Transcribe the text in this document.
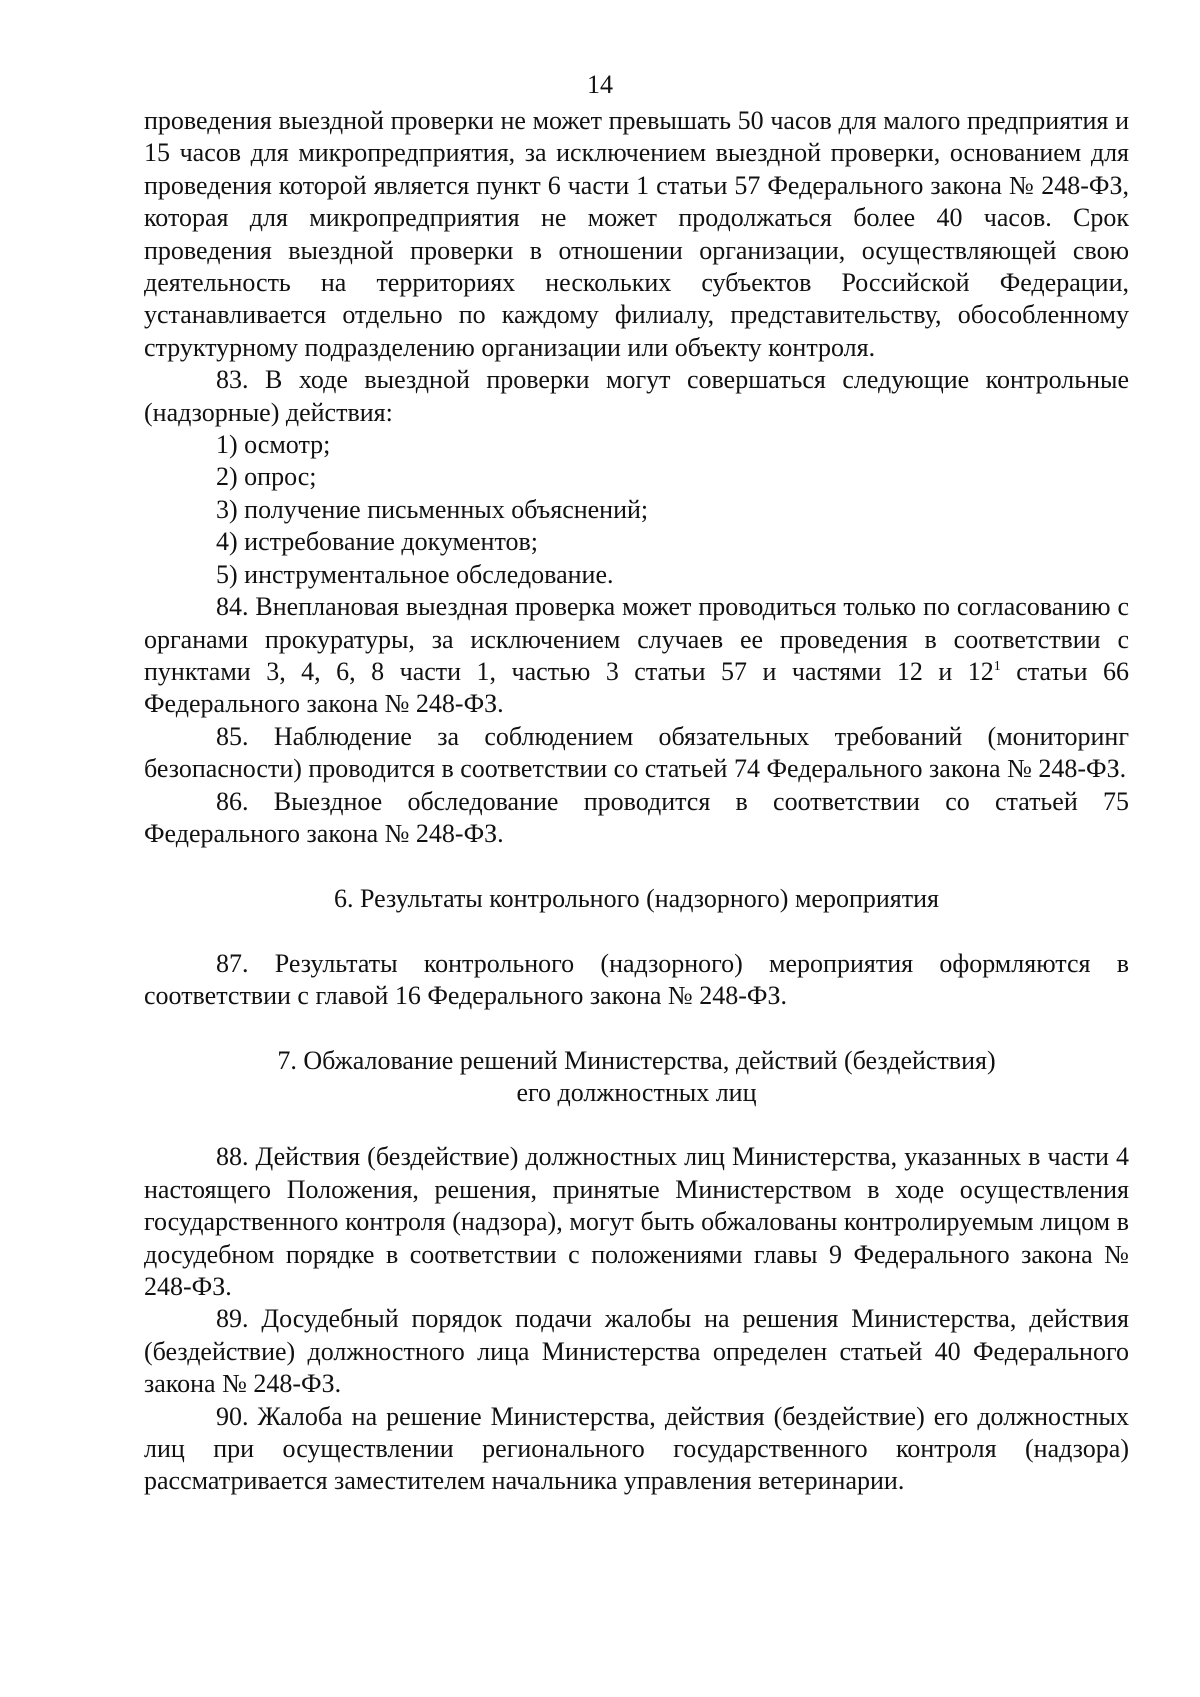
14

проведения выездной проверки не может превышать 50 часов для малого предприятия и 15 часов для микропредприятия, за исключением выездной проверки, основанием для проведения которой является пункт 6 части 1 статьи 57 Федерального закона № 248-ФЗ, которая для микропредприятия не может продолжаться более 40 часов. Срок проведения выездной проверки в отношении организации, осуществляющей свою деятельность на территориях нескольких субъектов Российской Федерации, устанавливается отдельно по каждому филиалу, представительству, обособленному структурному подразделению организации или объекту контроля.

83. В ходе выездной проверки могут совершаться следующие контрольные (надзорные) действия:

1) осмотр;

2) опрос;

3) получение письменных объяснений;

4) истребование документов;

5) инструментальное обследование.

84. Внеплановая выездная проверка может проводиться только по согласованию с органами прокуратуры, за исключением случаев ее проведения в соответствии с пунктами 3, 4, 6, 8 части 1, частью 3 статьи 57 и частями 12 и $12^1$ статьи 66 Федерального закона № 248-ФЗ.

85. Наблюдение за соблюдением обязательных требований (мониторинг безопасности) проводится в соответствии со статьей 74 Федерального закона № 248-ФЗ.

86. Выездное обследование проводится в соответствии со статьей 75 Федерального закона № 248-ФЗ.

6. Результаты контрольного (надзорного) мероприятия

87. Результаты контрольного (надзорного) мероприятия оформляются в соответствии с главой 16 Федерального закона № 248-ФЗ.

7. Обжалование решений Министерства, действий (бездействия) его должностных лиц

88. Действия (бездействие) должностных лиц Министерства, указанных в части 4 настоящего Положения, решения, принятые Министерством в ходе осуществления государственного контроля (надзора), могут быть обжалованы контролируемым лицом в досудебном порядке в соответствии с положениями главы 9 Федерального закона № 248-ФЗ.

89. Досудебный порядок подачи жалобы на решения Министерства, действия (бездействие) должностного лица Министерства определен статьей 40 Федерального закона № 248-ФЗ.

90. Жалоба на решение Министерства, действия (бездействие) его должностных лиц при осуществлении регионального государственного контроля (надзора) рассматривается заместителем начальника управления ветеринарии.
